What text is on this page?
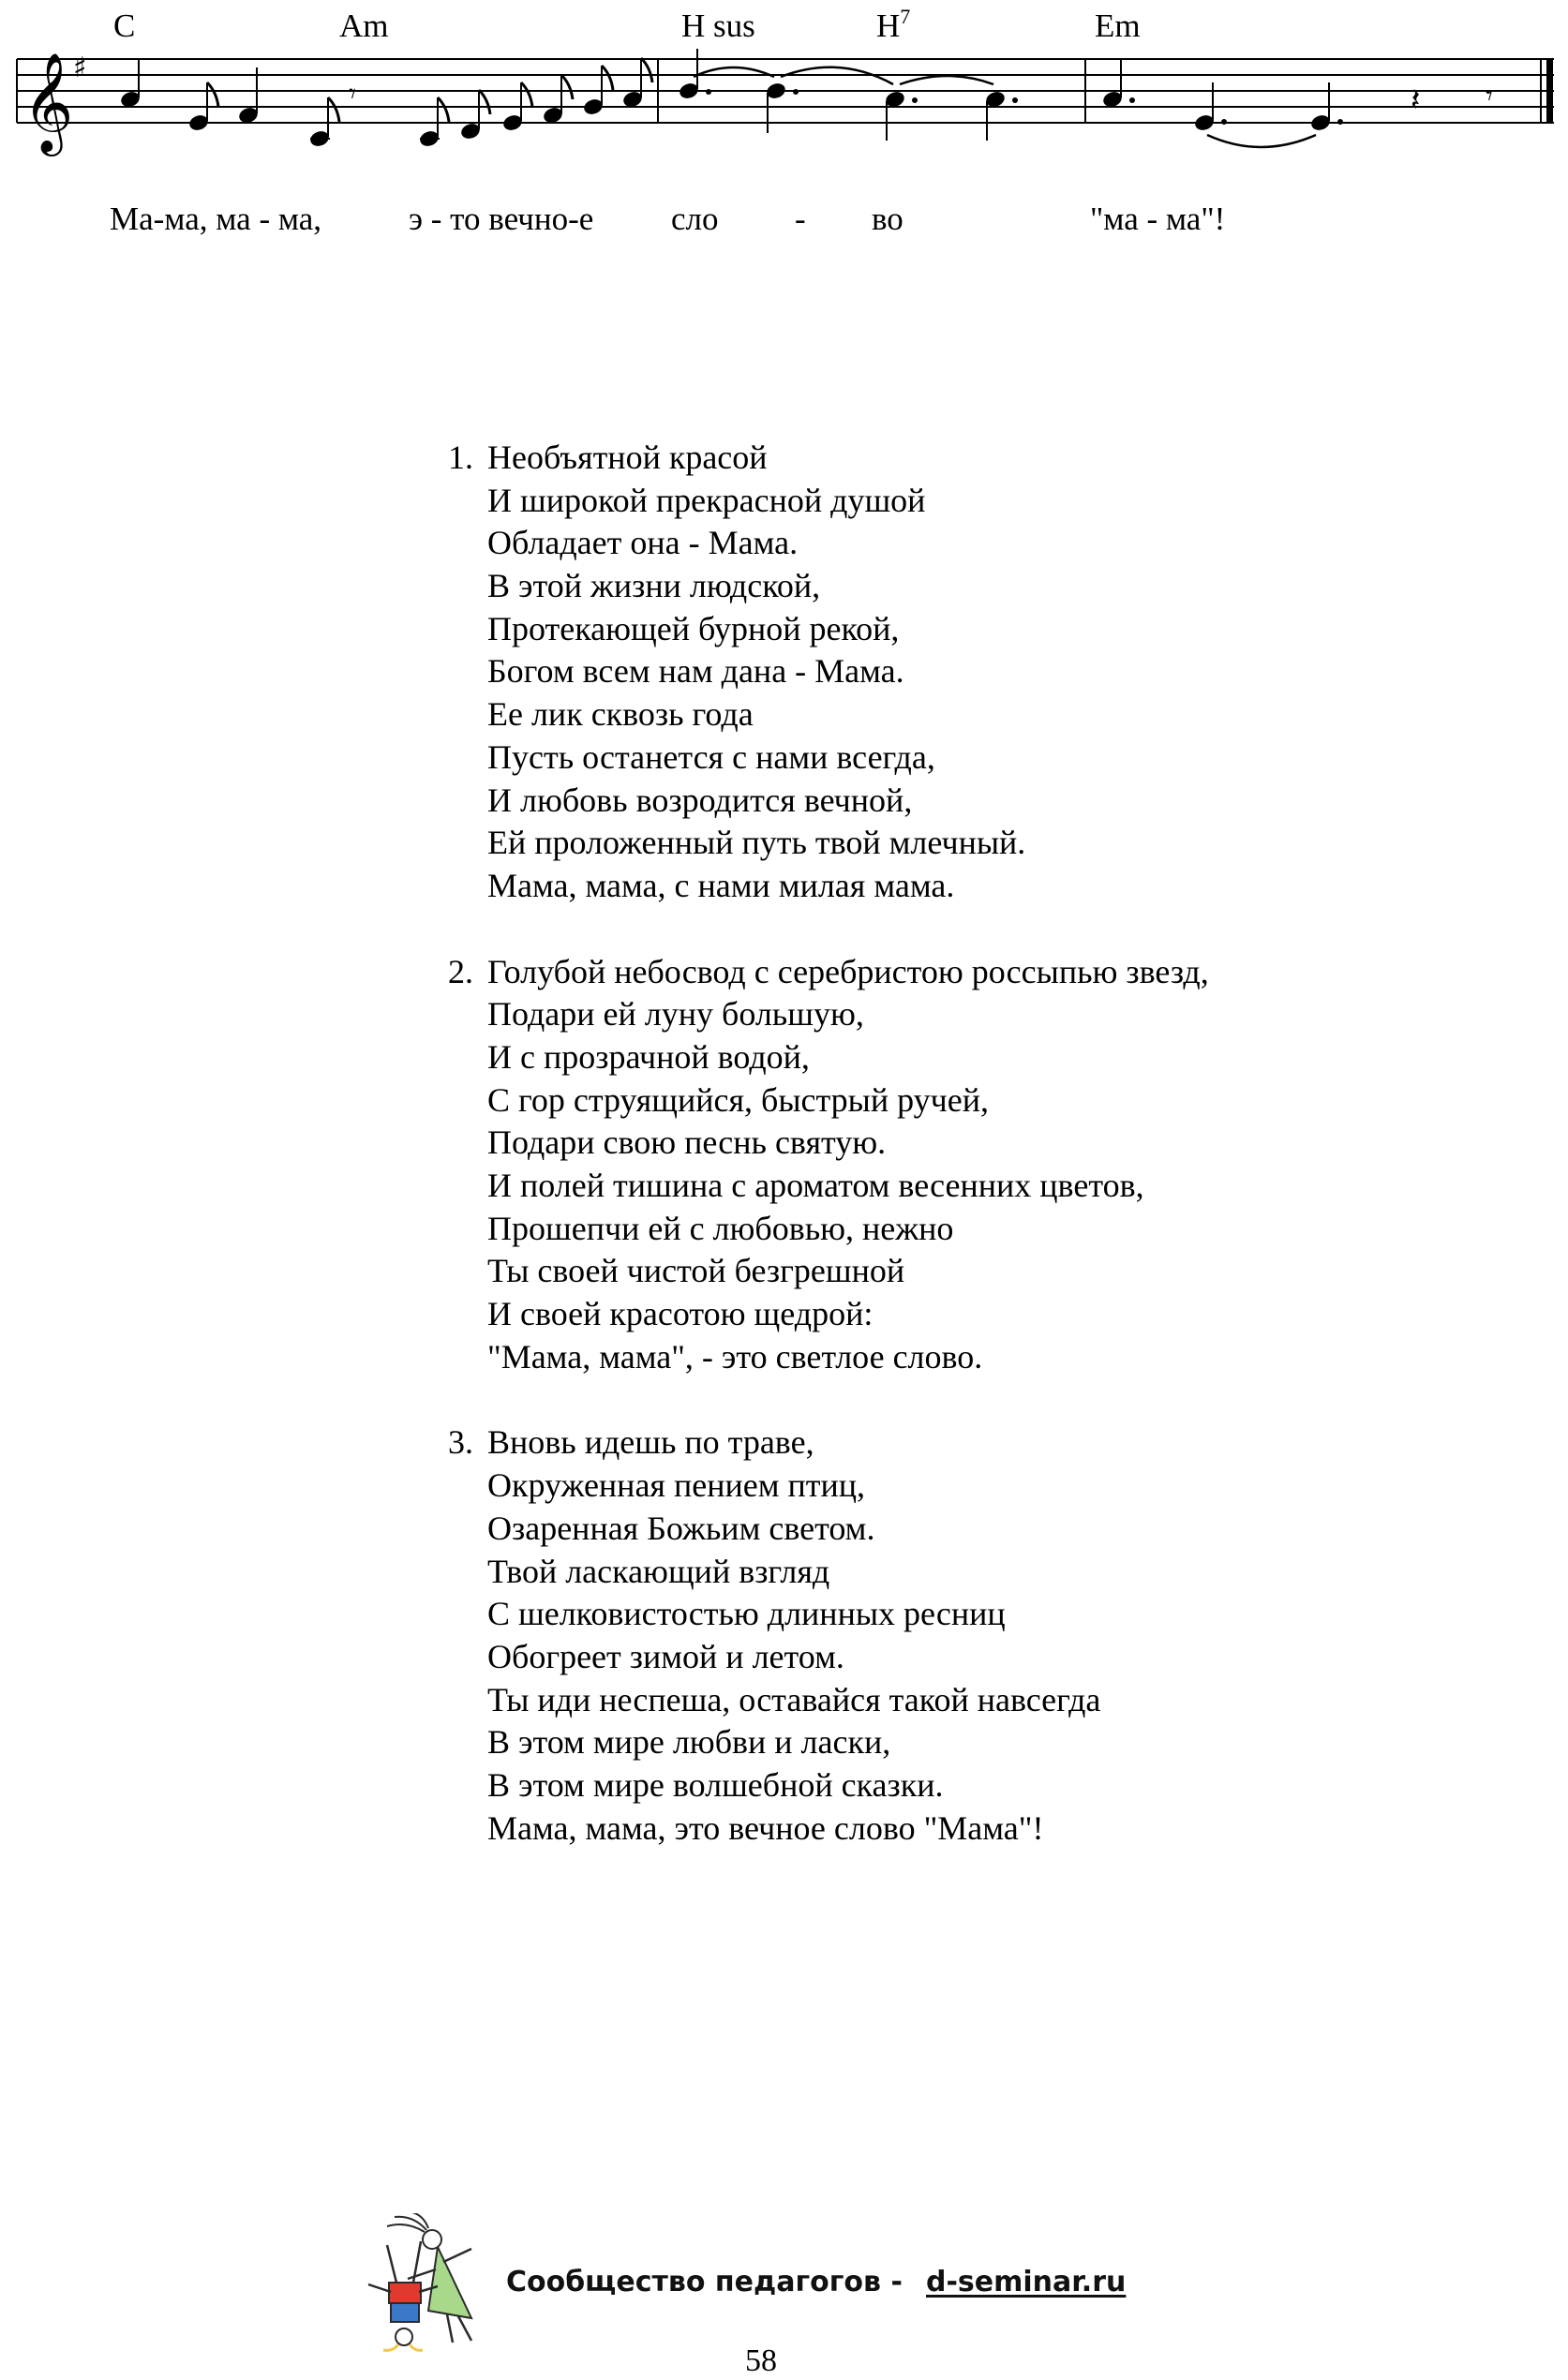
C	Am	H sus	$H^7$	Em
𝄞 ♯
𝄾	𝄽 𝄾
Ма-ма, ма - ма,	э - то вечно-е сло - во	"ма - ма"!
1. Необъятной красой
И широкой прекрасной душой
Обладает она - Мама.
В этой жизни людской,
Протекающей бурной рекой,
Богом всем нам дана - Мама.
Ее лик сквозь года
Пусть останется с нами всегда,
И любовь возродится вечной,
Ей проложенный путь твой млечный.
Мама, мама, с нами милая мама.
2. Голубой небосвод с серебристою россыпью звезд,
Подари ей луну большую,
И с прозрачной водой,
С гор струящийся, быстрый ручей,
Подари свою песнь святую.
И полей тишина с ароматом весенних цветов,
Прошепчи ей с любовью, нежно
Ты своей чистой безгрешной
И своей красотою щедрой:
"Мама, мама", - это светлое слово.
3. Вновь идешь по траве,
Окруженная пением птиц,
Озаренная Божьим светом.
Твой ласкающий взгляд
С шелковистостью длинных ресниц
Обогреет зимой и летом.
Ты иди неспеша, оставайся такой навсегда
В этом мире любви и ласки,
В этом мире волшебной сказки.
Мама, мама, это вечное слово "Мама"!
Сообщество педагогов - d-seminar.ru
58
